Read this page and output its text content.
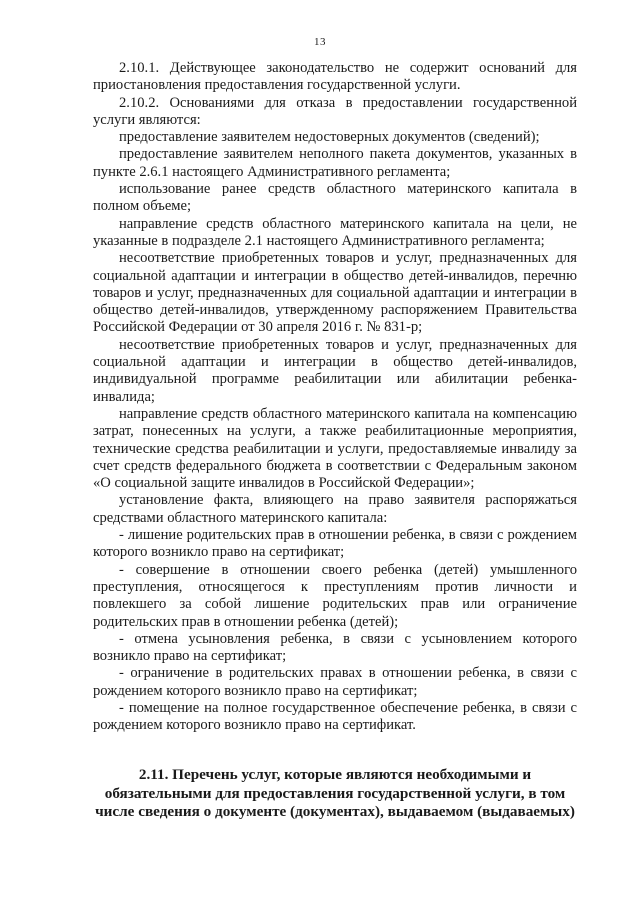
13

2.10.1. Действующее законодательство не содержит оснований для приостановления предоставления государственной услуги.

2.10.2. Основаниями для отказа в предоставлении государственной услуги являются:

предоставление заявителем недостоверных документов (сведений);

предоставление заявителем неполного пакета документов, указанных в пункте 2.6.1 настоящего Административного регламента;

использование ранее средств областного материнского капитала в полном объеме;

направление средств областного материнского капитала на цели, не указанные в подразделе 2.1 настоящего Административного регламента;

несоответствие приобретенных товаров и услуг, предназначенных для социальной адаптации и интеграции в общество детей-инвалидов, перечню товаров и услуг, предназначенных для социальной адаптации и интеграции в обществo детей-инвалидов, утвержденному распоряжением Правительства Российской Федерации от 30 апреля 2016 г. № 831-р;

несоответствие приобретенных товаров и услуг, предназначенных для социальной адаптации и интеграции в общество детей-инвалидов, индивидуальной программе реабилитации или абилитации ребенка-инвалида;

направление средств областного материнского капитала на компенсацию затрат, понесенных на услуги, а также реабилитационные мероприятия, технические средства реабилитации и услуги, предоставляемые инвалиду за счет средств федерального бюджета в соответствии с Федеральным законом «О социальной защите инвалидов в Российской Федерации»;

установление факта, влияющего на право заявителя распоряжаться средствами областного материнского капитала:

- лишение родительских прав в отношении ребенка, в связи с рождением которого возникло право на сертификат;

- совершение в отношении своего ребенка (детей) умышленного преступления, относящегося к преступлениям против личности и повлекшего за собой лишение родительских прав или ограничение родительских прав в отношении ребенка (детей);

- отмена усыновления ребенка, в связи с усыновлением которого возникло право на сертификат;

- ограничение в родительских правах в отношении ребенка, в связи с рождением которого возникло право на сертификат;

- помещение на полное государственное обеспечение ребенка, в связи с рождением которого возникло право на сертификат.

2.11. Перечень услуг, которые являются необходимыми и обязательными для предоставления государственной услуги, в том числе сведения о документе (документах), выдаваемом (выдаваемых)
